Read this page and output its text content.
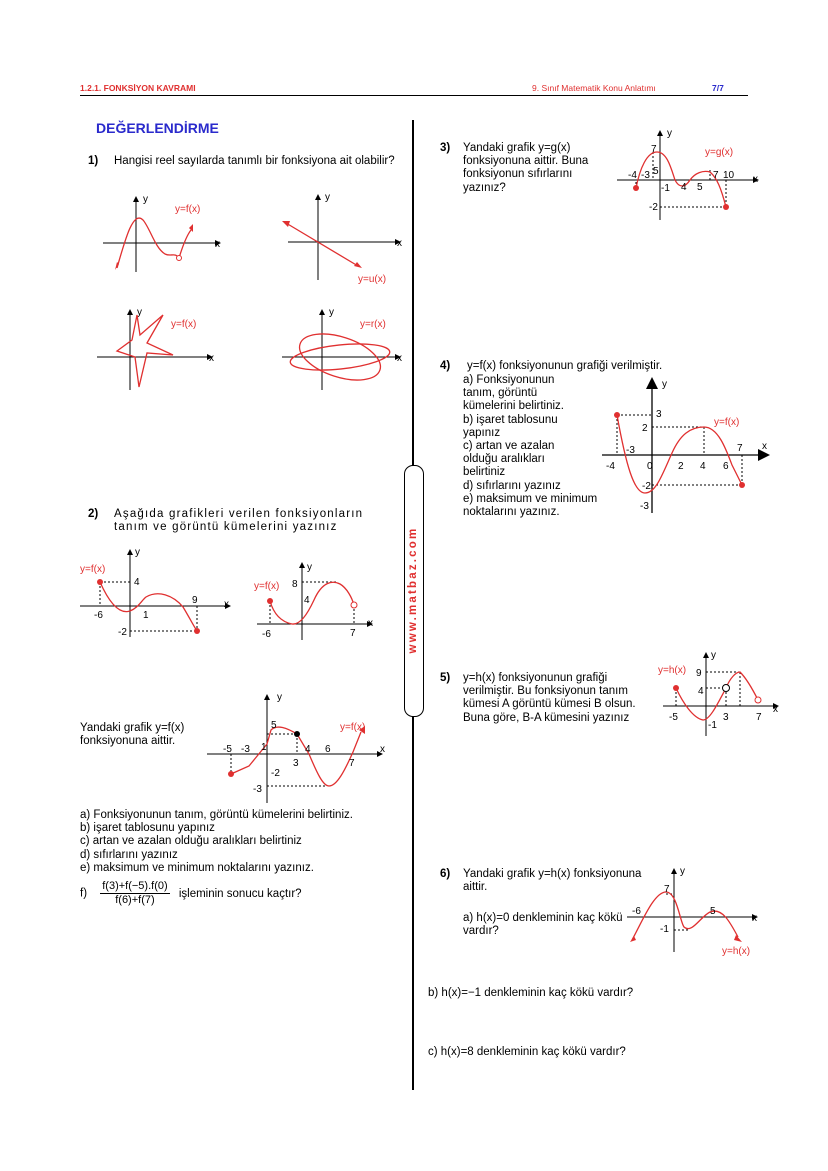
1.2.1. FONKSİYON KAVRAMI	9. Sınıf Matematik Konu Anlatımı	7/7
www.matbaz.com
DEĞERLENDİRME
1) Hangisi reel sayılarda tanımlı bir fonksiyona ait olabilir?
y
x
y=f(x)
y
x
y=u(x)
y
x
y=f(x)
y
x
y=r(x)
2) Aşağıda grafikleri verilen fonksiyonların tanım ve görüntü kümelerini yazınız
y
x
y=f(x)
-6	1
9
4
-2
y
x
y=f(x)
-6	7
8
4
Yandaki grafik y=f(x) fonksiyonuna aittir.
y
x
y=f(x)
-5 -3 1
5
3
4 6
7
-2
-3
a) Fonksiyonunun tanım, görüntü kümelerini belirtiniz.
b) işaret tablosunu yapınız
c) artan ve azalan olduğu aralıkları belirtiniz
d) sıfırlarını yazınız
e) maksimum ve minimum noktalarını yazınız.
$f) \frac{f(3)+f(-5).f(0)}{f(6)+f(7)}$ işleminin sonucu kaçtır?
3) Yandaki grafik y=g(x) fonksiyonuna aittir. Buna fonksiyonun sıfırlarını yazınız?
y
x
y=g(x)
7
-4 -3 5
-1 4 5
7 10
-2
4) y=f(x) fonksiyonunun grafiği verilmiştir.
a) Fonksiyonunun tanım, görüntü kümelerini belirtiniz.
b) işaret tablosunu yapınız
c) artan ve azalan olduğu aralıkları belirtiniz
d) sıfırlarını yazınız
e) maksimum ve minimum noktalarını yazınız.
y
x
y=f(x)
3
2
-3
-4	0	2 4 6
7
-2
-3
5) y=h(x) fonksiyonunun grafiği verilmiştir. Bu fonksiyonun tanım kümesi A görüntü kümesi B olsun. Buna göre, B-A kümesini yazınız
y
x
y=h(x) 9
4
-5
-1
3	7
6) Yandaki grafik y=h(x) fonksiyonuna aittir.
a) h(x)=0 denkleminin kaç kökü vardır?
y
x
7
-6
-1
5
y=h(x)
b) h(x)=−1 denkleminin kaç kökü vardır?
c) h(x)=8 denkleminin kaç kökü vardır?
